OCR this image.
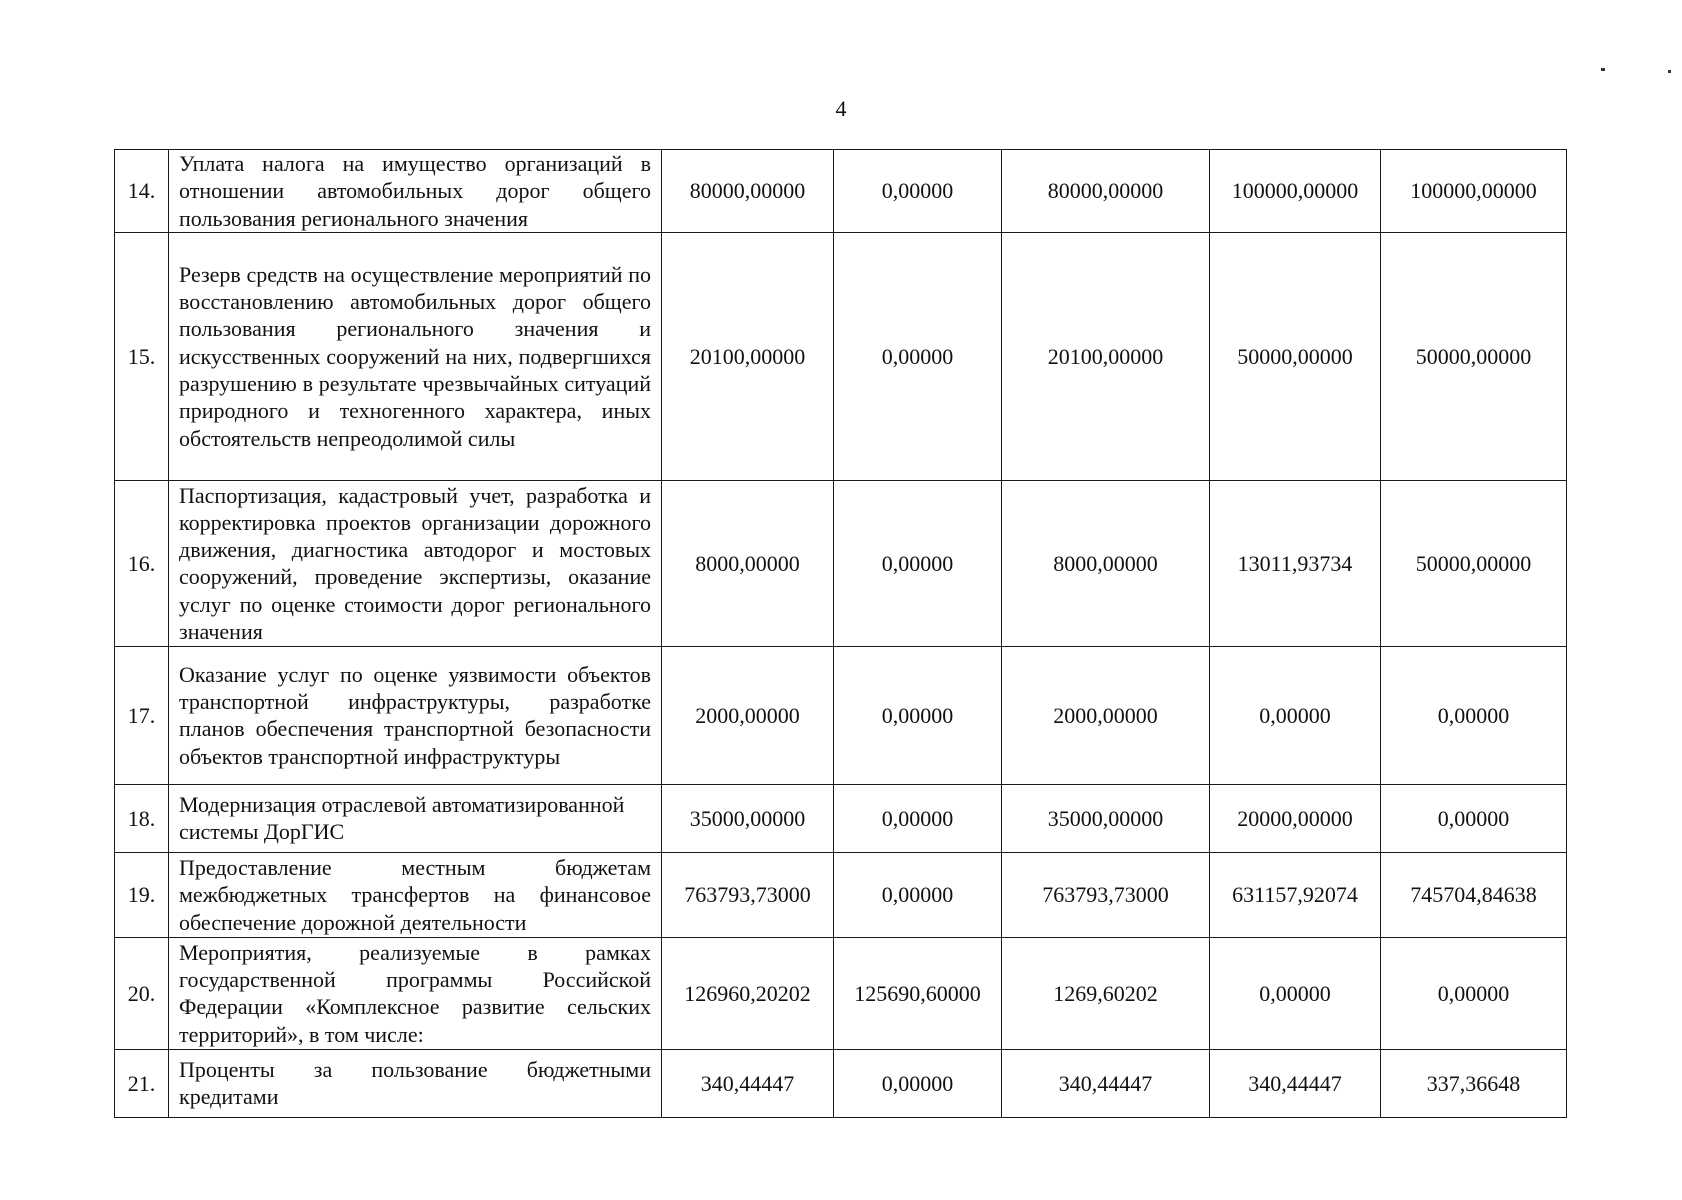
4
14.	Уплата налога на имущество организаций в отношении автомобильных дорог общего пользования регионального значения	80000,00000	0,00000	80000,00000	100000,00000	100000,00000
15.	Резерв средств на осуществление мероприятий по восстановлению автомобильных дорог общего пользования регионального значения и искусственных сооружений на них, подвергшихся разрушению в результате чрезвычайных ситуаций природного и техногенного характера, иных обстоятельств непреодолимой силы	20100,00000	0,00000	20100,00000	50000,00000	50000,00000
16.	Паспортизация, кадастровый учет, разработка и корректировка проектов организации дорожного движения, диагностика автодорог и мостовых сооружений, проведение экспертизы, оказание услуг по оценке стоимости дорог регионального значения	8000,00000	0,00000	8000,00000	13011,93734	50000,00000
17.	Оказание услуг по оценке уязвимости объектов транспортной инфраструктуры, разработке планов обеспечения транспортной безопасности объектов транспортной инфраструктуры	2000,00000	0,00000	2000,00000	0,00000	0,00000
18.	Модернизация отраслевой автоматизированной системы ДорГИС	35000,00000	0,00000	35000,00000	20000,00000	0,00000
19.	Предоставление местным бюджетам межбюджетных трансфертов на финансовое обеспечение дорожной деятельности	763793,73000	0,00000	763793,73000	631157,92074	745704,84638
20.	Мероприятия, реализуемые в рамках государственной программы Российской Федерации «Комплексное развитие сельских территорий», в том числе:	126960,20202	125690,60000	1269,60202	0,00000	0,00000
21.	Проценты за пользование бюджетными кредитами	340,44447	0,00000	340,44447	340,44447	337,36648
